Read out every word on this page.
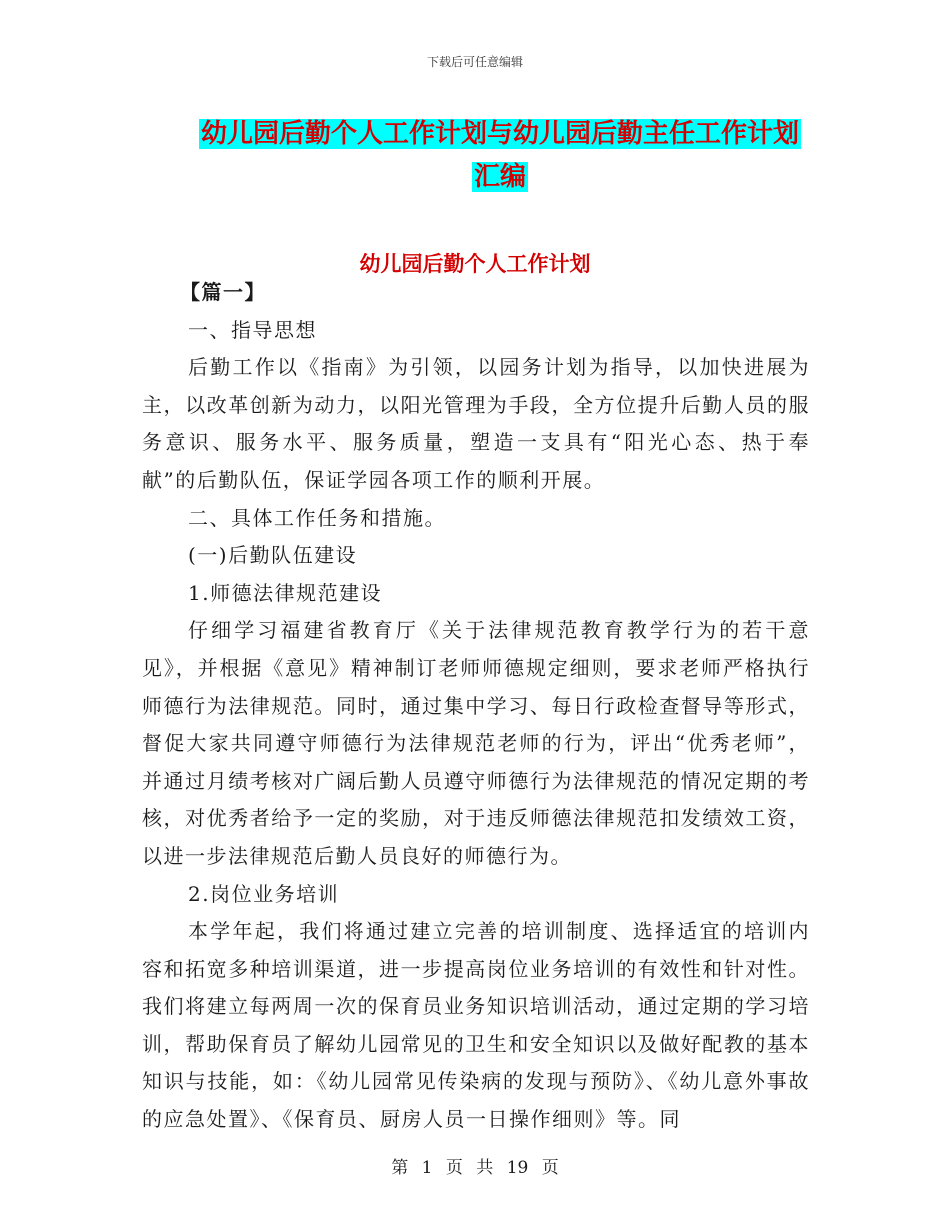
下载后可任意编辑
幼儿园后勤个人工作计划与幼儿园后勤主任工作计划
汇编
幼儿园后勤个人工作计划

【篇一】

一、指导思想

后勤工作以《指南》为引领，以园务计划为指导，以加快进展为主，以改革创新为动力，以阳光管理为手段，全方位提升后勤人员的服务意识、服务水平、服务质量，塑造一支具有“阳光心态、热于奉献”的后勤队伍，保证学园各项工作的顺利开展。

二、具体工作任务和措施。

(一)后勤队伍建设

1.师德法律规范建设

仔细学习福建省教育厅《关于法律规范教育教学行为的若干意见》，并根据《意见》精神制订老师师德规定细则，要求老师严格执行师德行为法律规范。同时，通过集中学习、每日行政检查督导等形式，督促大家共同遵守师德行为法律规范老师的行为，评出“优秀老师”，并通过月绩考核对广阔后勤人员遵守师德行为法律规范的情况定期的考核，对优秀者给予一定的奖励，对于违反师德法律规范扣发绩效工资，以进一步法律规范后勤人员良好的师德行为。

2.岗位业务培训

本学年起，我们将通过建立完善的培训制度、选择适宜的培训内容和拓宽多种培训渠道，进一步提高岗位业务培训的有效性和针对性。我们将建立每两周一次的保育员业务知识培训活动，通过定期的学习培训，帮助保育员了解幼儿园常见的卫生和安全知识以及做好配教的基本知识与技能，如：《幼儿园常见传染病的发现与预防》、《幼儿意外事故的应急处置》、《保育员、厨房人员一日操作细则》等。同

第 1 页 共 19 页
